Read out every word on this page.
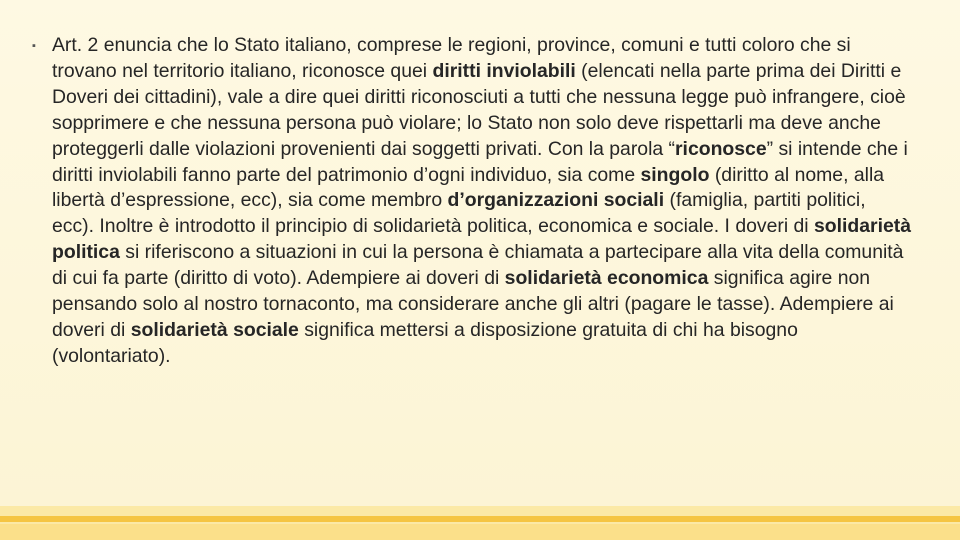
▪ Art. 2 enuncia che lo Stato italiano, comprese le regioni, province, comuni e tutti coloro che si trovano nel territorio italiano, riconosce quei diritti inviolabili (elencati nella parte prima dei Diritti e Doveri dei cittadini), vale a dire quei diritti riconosciuti a tutti che nessuna legge può infrangere, cioè sopprimere e che nessuna persona può violare; lo Stato non solo deve rispettarli ma deve anche proteggerli dalle violazioni provenienti dai soggetti privati. Con la parola “riconosce” si intende che i diritti inviolabili fanno parte del patrimonio d’ogni individuo, sia come singolo (diritto al nome, alla libertà d’espressione, ecc), sia come membro d’organizzazioni sociali (famiglia, partiti politici, ecc). Inoltre è introdotto il principio di solidarietà politica, economica e sociale. I doveri di solidarietà politica si riferiscono a situazioni in cui la persona è chiamata a partecipare alla vita della comunità di cui fa parte (diritto di voto). Adempiere ai doveri di solidarietà economica significa agire non pensando solo al nostro tornaconto, ma considerare anche gli altri (pagare le tasse). Adempiere ai doveri di solidarietà sociale significa mettersi a disposizione gratuita di chi ha bisogno (volontariato).
